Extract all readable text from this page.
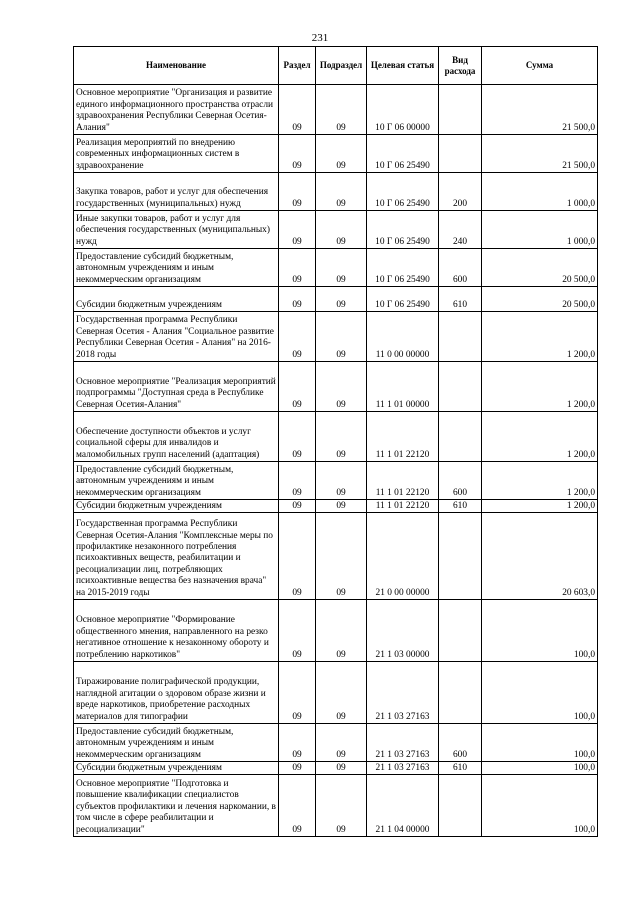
231
Наименование	Раздел	Подраздел	Целевая статья	Вид расхода	Сумма
Основное мероприятие "Организация и развитие единого информационного пространства отрасли здравоохранения Республики Северная Осетия-Алания"	09	09	10 Г 06 00000		21 500,0
Реализация мероприятий по внедрению современных информационных систем в здравоохранение	09	09	10 Г 06 25490		21 500,0
Закупка товаров, работ и услуг для обеспечения государственных (муниципальных) нужд	09	09	10 Г 06 25490	200	1 000,0
Иные закупки товаров, работ и услуг для обеспечения государственных (муниципальных) нужд	09	09	10 Г 06 25490	240	1 000,0
Предоставление субсидий бюджетным, автономным учреждениям и иным некоммерческим организациям	09	09	10 Г 06 25490	600	20 500,0
Субсидии бюджетным учреждениям	09	09	10 Г 06 25490	610	20 500,0
Государственная программа Республики Северная Осетия - Алания "Социальное развитие Республики Северная Осетия - Алания" на 2016-2018 годы	09	09	11 0 00 00000		1 200,0
Основное мероприятие "Реализация мероприятий подпрограммы "Доступная среда в Республике Северная Осетия-Алания"	09	09	11 1 01 00000		1 200,0
Обеспечение доступности объектов и услуг социальной сферы для инвалидов и маломобильных групп населений (адаптация)	09	09	11 1 01 22120		1 200,0
Предоставление субсидий бюджетным, автономным учреждениям и иным некоммерческим организациям	09	09	11 1 01 22120	600	1 200,0
Субсидии бюджетным учреждениям	09	09	11 1 01 22120	610	1 200,0
Государственная программа Республики Северная Осетия-Алания "Комплексные меры по профилактике незаконного потребления психоактивных веществ, реабилитации и ресоциализации лиц, потребляющих психоактивные вещества без назначения врача" на 2015-2019 годы	09	09	21 0 00 00000		20 603,0
Основное мероприятие "Формирование общественного мнения, направленного на резко негативное отношение к незаконному обороту и потреблению наркотиков"	09	09	21 1 03 00000		100,0
Тиражирование полиграфической продукции, наглядной агитации о здоровом образе жизни и вреде наркотиков, приобретение расходных материалов для типографии	09	09	21 1 03 27163		100,0
Предоставление субсидий бюджетным, автономным учреждениям и иным некоммерческим организациям	09	09	21 1 03 27163	600	100,0
Субсидии бюджетным учреждениям	09	09	21 1 03 27163	610	100,0
Основное мероприятие "Подготовка и повышение квалификации специалистов субъектов профилактики и лечения наркомании, в том числе в сфере реабилитации и ресоциализации"	09	09	21 1 04 00000		100,0
